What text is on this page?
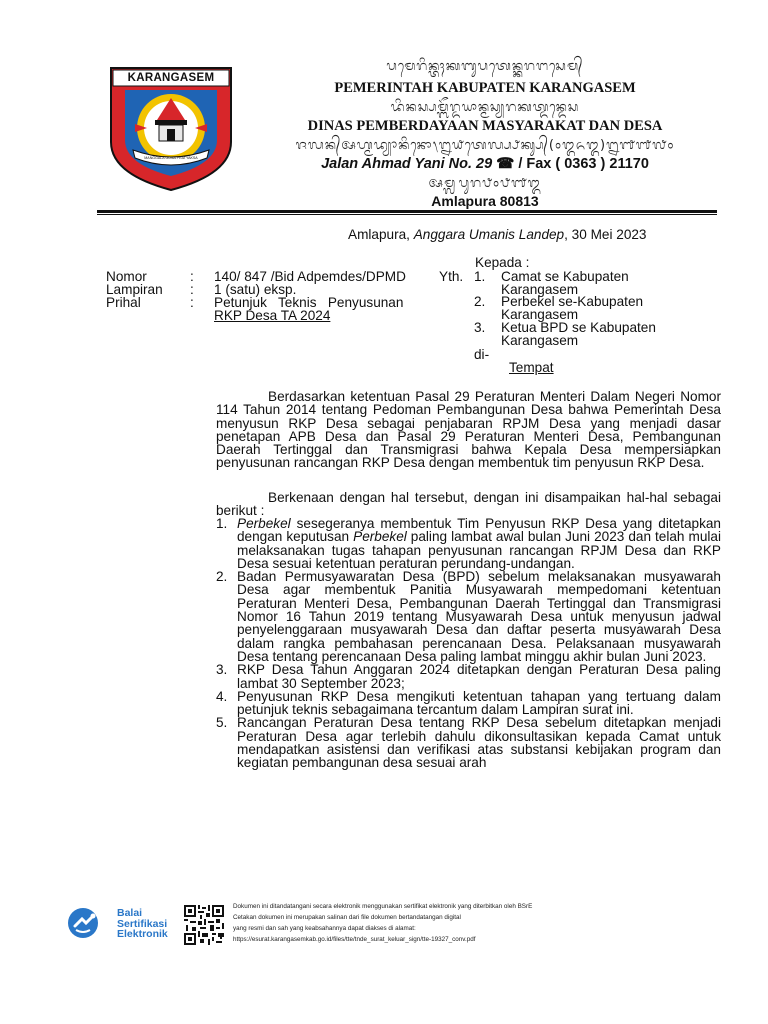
KARANGASEM
MANGGALA GUNA PRATYAKSA
ᬧᬫᬾᬭᬶᬦ᭄ᬢᬄᬓᬩᬸᬧᬢᬾᬦ᭄ᬓᬭᬗᬲᬾᬫ᭄
PEMERINTAH KABUPATEN KARANGASEM
ᬤᬶᬦᬲ᭄ᬧᬫ᭄ᬩᭂᬭ᭄ᬤᬬᬵᬦ᭄ᬫᬲ᭄ᬬᬭᬓᬢ᭄ᬤᬦ᭄ᬤᬾᬲ
DINAS PEMBERDAYAAN MASYARAKAT DAN DESA
ᬚᬮᬦ᭄ᬅᬳ᭄ᬫᬤ᭄ᬬᬵᬦᬶᬦᭀ᭞᭒᭙ᬢᬾᬮ᭄ᬧ᭄ᬨᬓ᭄ᬲ᭄(᭐᭓᭖᭓)᭒᭑᭑᭗᭐
Jalan Ahmad Yani No. 29 ☎ / Fax ( 0363 ) 21170
ᬅᬫ᭄ᬮᬧᬸᬭ᭘᭐᭘᭑᭓
Amlapura 80813
Amlapura, Anggara Umanis Landep, 30 Mei 2023
Kepada :
Nomor	: 140/ 847 /Bid Adpemdes/DPMD
Lampiran : 1 (satu) eksp.
Prihal	: Petunjuk   Teknis   Penyusunan
RKP Desa TA 2024
Yth. 1. Camat se Kabupaten
Karangasem
2. Perbekel se-Kabupaten
Karangasem
3. Ketua BPD se Kabupaten
Karangasem
di-
Tempat
Berdasarkan ketentuan Pasal 29 Peraturan Menteri Dalam Negeri Nomor 114 Tahun 2014 tentang Pedoman Pembangunan Desa bahwa Pemerintah Desa menyusun RKP Desa sebagai penjabaran RPJM Desa yang menjadi dasar penetapan APB Desa dan Pasal 29 Peraturan Menteri Desa, Pembangunan Daerah Tertinggal dan Transmigrasi bahwa Kepala Desa mempersiapkan penyusunan rancangan RKP Desa dengan membentuk tim penyusun RKP Desa.
Berkenaan dengan hal tersebut, dengan ini disampaikan hal-hal sebagai berikut :
1. Perbekel sesegeranya membentuk Tim Penyusun RKP Desa yang ditetapkan dengan keputusan Perbekel paling lambat awal bulan Juni 2023 dan telah mulai melaksanakan tugas tahapan penyusunan rancangan RPJM Desa dan RKP Desa sesuai ketentuan peraturan perundang-undangan.
2. Badan Permusyawaratan Desa (BPD) sebelum melaksanakan musyawarah Desa agar membentuk Panitia Musyawarah mempedomani ketentuan Peraturan Menteri Desa, Pembangunan Daerah Tertinggal dan Transmigrasi Nomor 16 Tahun 2019 tentang Musyawarah Desa untuk menyusun jadwal penyelenggaraan musyawarah Desa dan daftar peserta musyawarah Desa dalam rangka pembahasan perencanaan Desa. Pelaksanaan musyawarah Desa tentang perencanaan Desa paling lambat minggu akhir bulan Juni 2023.
3. RKP Desa Tahun Anggaran 2024 ditetapkan dengan Peraturan Desa paling lambat 30 September 2023;
4. Penyusunan RKP Desa mengikuti ketentuan tahapan yang tertuang dalam petunjuk teknis sebagaimana tercantum dalam Lampiran surat ini.
5. Rancangan Peraturan Desa tentang RKP Desa sebelum ditetapkan menjadi Peraturan Desa agar terlebih dahulu dikonsultasikan kepada Camat untuk mendapatkan asistensi dan verifikasi atas substansi kebijakan program dan kegiatan pembangunan desa sesuai arah
Balai
Sertifikasi
Elektronik
Dokumen ini ditandatangani secara elektronik menggunakan sertifikat elektronik yang diterbitkan oleh BSrE
Cetakan dokumen ini merupakan salinan dari file dokumen bertandatangan digital
yang resmi dan sah yang keabsahannya dapat diakses di alamat:
https://esurat.karangasemkab.go.id/files/tte/tnde_surat_keluar_sign/tte-19327_conv.pdf
